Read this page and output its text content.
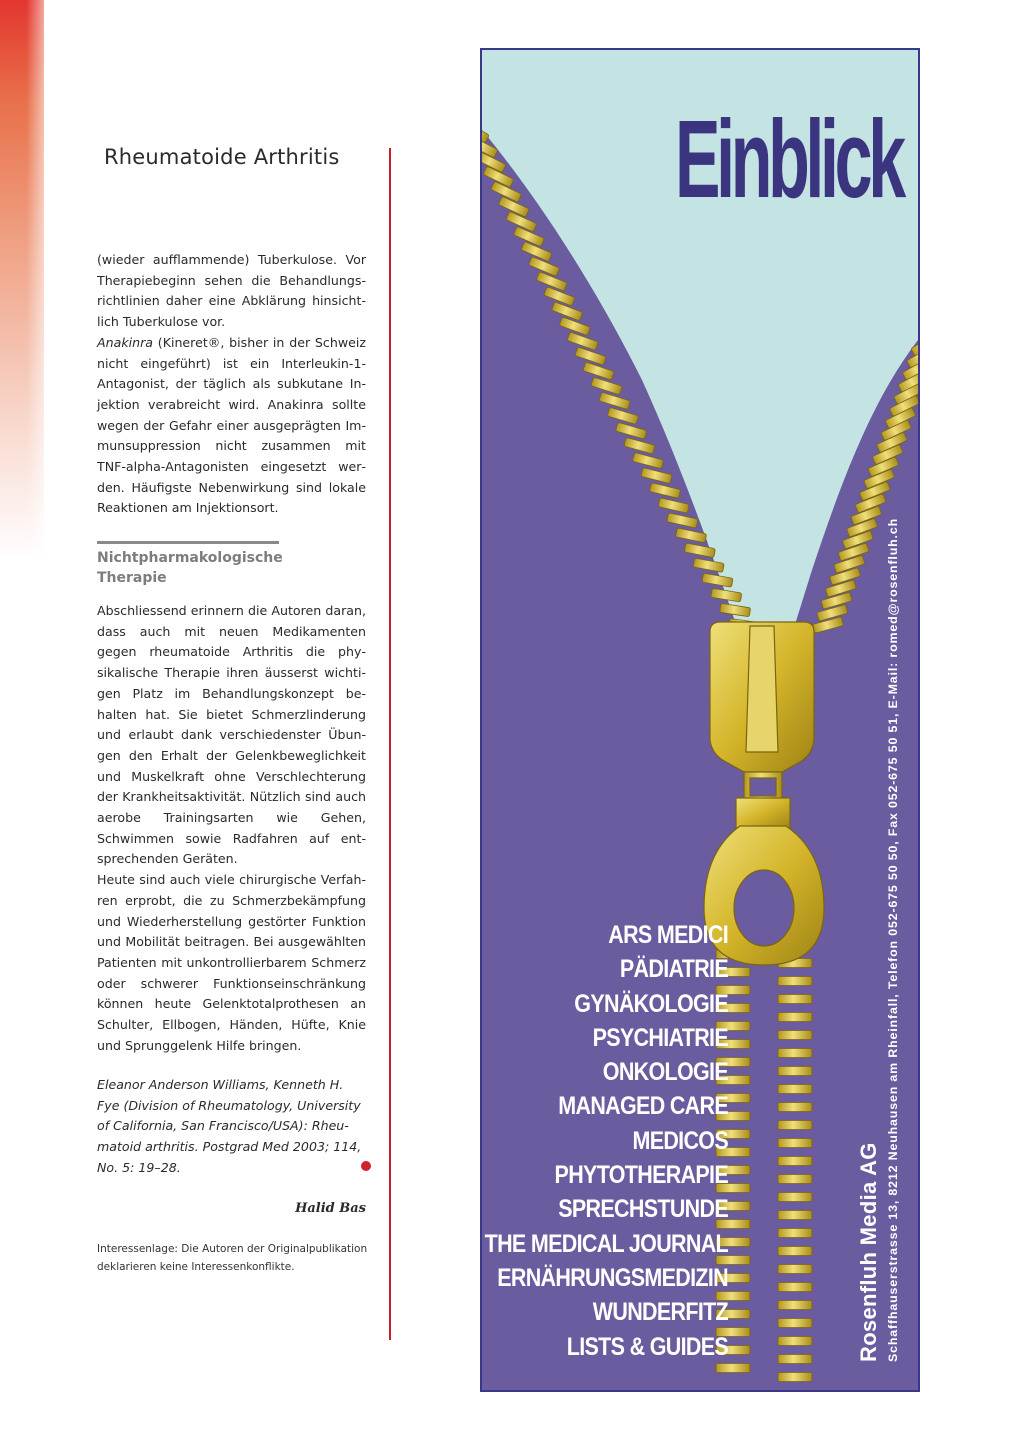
Rheumatoide Arthritis

(wieder aufflammende) Tuberkulose. Vor Therapiebeginn sehen die Behandlungsrichtlinien daher eine Abklärung hinsichtlich Tuberkulose vor.

Anakinra (Kineret®, bisher in der Schweiz nicht eingeführt) ist ein Interleukin-1-Antagonist, der täglich als subkutane Injektion verabreicht wird. Anakinra sollte wegen der Gefahr einer ausgeprägten Immunsuppression nicht zusammen mit TNF-alpha-Antagonisten eingesetzt werden. Häufigste Nebenwirkung sind lokale Reaktionen am Injektionsort.

Nichtpharmakologische Therapie

Abschliessend erinnern die Autoren daran, dass auch mit neuen Medikamenten gegen rheumatoide Arthritis die physikalische Therapie ihren äusserst wichtigen Platz im Behandlungskonzept behalten hat. Sie bietet Schmerzlinderung und erlaubt dank verschiedenster Übungen den Erhalt der Gelenkbeweglichkeit und Muskelkraft ohne Verschlechterung der Krankheitsaktivität. Nützlich sind auch aerobe Trainingsarten wie Gehen, Schwimmen sowie Radfahren auf entsprechenden Geräten.

Heute sind auch viele chirurgische Verfahren erprobt, die zu Schmerzbekämpfung und Wiederherstellung gestörter Funktion und Mobilität beitragen. Bei ausgewählten Patienten mit unkontrollierbarem Schmerz oder schwerer Funktionseinschränkung können heute Gelenktotalprothesen an Schulter, Ellbogen, Händen, Hüfte, Knie und Sprunggelenk Hilfe bringen.

Eleanor Anderson Williams, Kenneth H. Fye (Division of Rheumatology, University of California, San Francisco/USA): Rheumatoid arthritis. Postgrad Med 2003; 114, No. 5: 19–28.
Halid Bas
Interessenlage: Die Autoren der Originalpublikation deklarieren keine Interessenkonflikte.
Einblick
ARS MEDICI
PÄDIATRIE
GYNÄKOLOGIE
PSYCHIATRIE
ONKOLOGIE
MANAGED CARE
MEDICOS
PHYTOTHERAPIE
SPRECHSTUNDE
THE MEDICAL JOURNAL
ERNÄHRUNGSMEDIZIN
WUNDERFITZ
LISTS & GUIDES	Rosenfluh Media AG Schaffhauserstrasse 13, 8212 Neuhausen am Rheinfall, Telefon 052-675 50 50, Fax 052-675 50 51, E-Mail: romed@rosenfluh.ch
